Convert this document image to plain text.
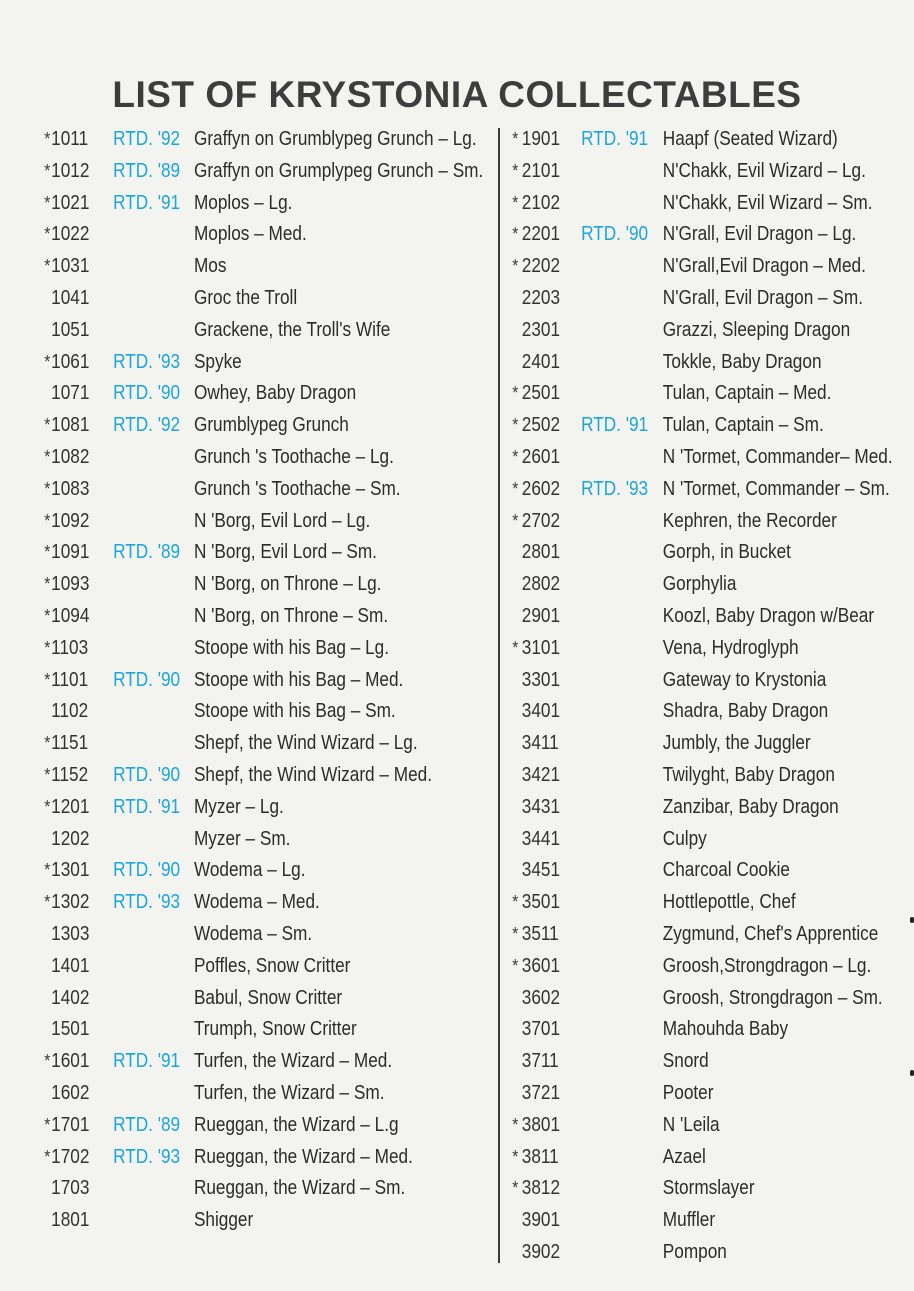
LIST OF KRYSTONIA COLLECTABLES
* 1011 RTD. '92 Graffyn on Grumblypeg Grunch – Lg.
* 1012 RTD. '89 Graffyn on Grumplypeg Grunch – Sm.
* 1021 RTD. '91 Moplos – Lg.
* 1022	Moplos – Med.
* 1031	Mos
1041	Groc the Troll
1051	Grackene, the Troll's Wife
* 1061 RTD. '93 Spyke
1071 RTD. '90 Owhey, Baby Dragon
* 1081 RTD. '92 Grumblypeg Grunch
* 1082	Grunch 's Toothache – Lg.
* 1083	Grunch 's Toothache – Sm.
* 1092	N 'Borg, Evil Lord – Lg.
* 1091 RTD. '89 N 'Borg, Evil Lord – Sm.
* 1093	N 'Borg, on Throne – Lg.
* 1094	N 'Borg, on Throne – Sm.
* 1103	Stoope with his Bag – Lg.
* 1101 RTD. '90 Stoope with his Bag – Med.
1102	Stoope with his Bag – Sm.
* 1151	Shepf, the Wind Wizard – Lg.
* 1152 RTD. '90 Shepf, the Wind Wizard – Med.
* 1201 RTD. '91 Myzer – Lg.
1202	Myzer – Sm.
* 1301 RTD. '90 Wodema – Lg.
* 1302 RTD. '93 Wodema – Med.
1303	Wodema – Sm.
1401	Poffles, Snow Critter
1402	Babul, Snow Critter
1501	Trumph, Snow Critter
* 1601 RTD. '91 Turfen, the Wizard – Med.
1602	Turfen, the Wizard – Sm.
* 1701 RTD. '89 Rueggan, the Wizard – L.g
* 1702 RTD. '93 Rueggan, the Wizard – Med.
1703	Rueggan, the Wizard – Sm.
1801	Shigger
* 1901 RTD. '91 Haapf (Seated Wizard)
* 2101	N'Chakk, Evil Wizard – Lg.
* 2102	N'Chakk, Evil Wizard – Sm.
* 2201 RTD. '90 N'Grall, Evil Dragon – Lg.
* 2202	N'Grall,Evil Dragon – Med.
2203	N'Grall, Evil Dragon – Sm.
2301	Grazzi, Sleeping Dragon
2401	Tokkle, Baby Dragon
* 2501	Tulan, Captain – Med.
* 2502 RTD. '91 Tulan, Captain – Sm.
* 2601	N 'Tormet, Commander– Med.
* 2602 RTD. '93 N 'Tormet, Commander – Sm.
* 2702	Kephren, the Recorder
2801	Gorph, in Bucket
2802	Gorphylia
2901	Koozl, Baby Dragon w/Bear
* 3101	Vena, Hydroglyph
3301	Gateway to Krystonia
3401	Shadra, Baby Dragon
3411	Jumbly, the Juggler
3421	Twilyght, Baby Dragon
3431	Zanzibar, Baby Dragon
3441	Culpy
3451	Charcoal Cookie
* 3501	Hottlepottle, Chef
* 3511	Zygmund, Chef's Apprentice
* 3601	Groosh,Strongdragon – Lg.
3602	Groosh, Strongdragon – Sm.
3701	Mahouhda Baby
3711	Snord
3721	Pooter
* 3801	N 'Leila
* 3811	Azael
* 3812	Stormslayer
3901	Muffler
3902	Pompon
